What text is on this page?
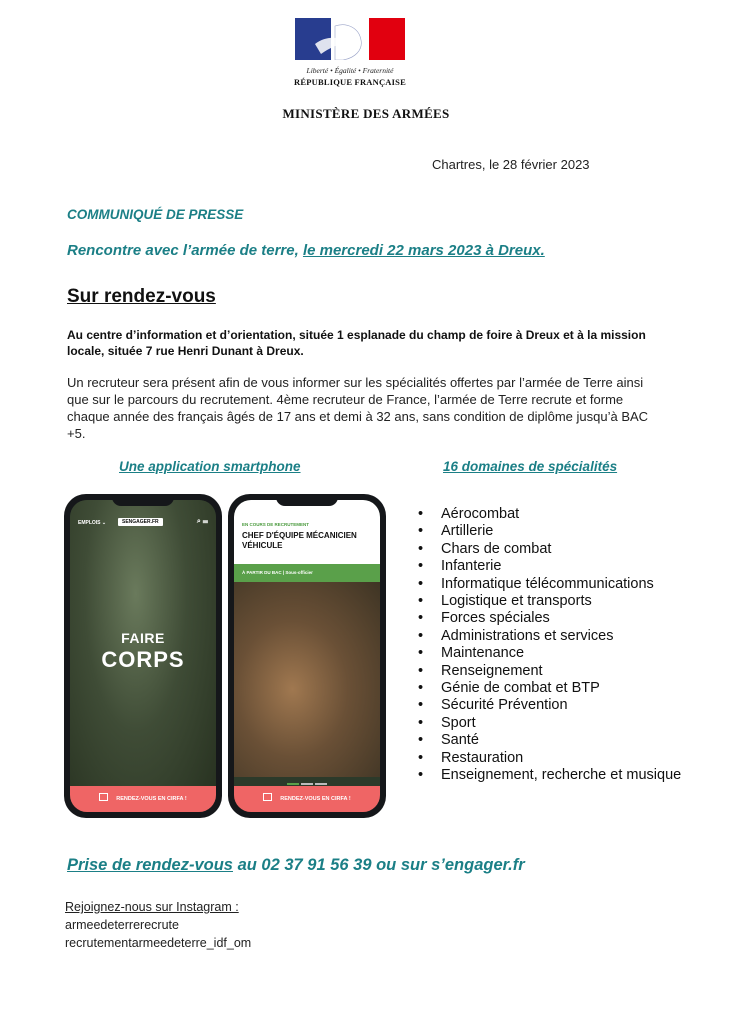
Liberté • Égalité • Fraternité
RÉPUBLIQUE FRANÇAISE
MINISTÈRE DES ARMÉES
Chartres, le 28 février 2023
COMMUNIQUÉ DE PRESSE
Rencontre avec l’armée de terre, le mercredi 22 mars 2023 à Dreux.
Sur rendez-vous
Au centre d’information et d’orientation, située 1 esplanade du champ de foire à Dreux et à la mission locale, située 7 rue Henri Dunant à Dreux.
Un recruteur sera présent afin de vous informer sur les spécialités offertes par l’armée de Terre ainsi que sur le parcours du recrutement. 4ème recruteur de France, l’armée de Terre recrute et forme chaque année des français âgés de 17 ans et demi à 32 ans, sans condition de diplôme jusqu’à BAC +5.
Une application smartphone	16 domaines de spécialités
EMPLOIS ⌄	SENGAGER.FR	⌕ ☰
FAIRE
CORPS
RENDEZ-VOUS EN CIRFA !
EN COURS DE RECRUTEMENT
CHEF D'ÉQUIPE MÉCANICIEN VÉHICULE
À PARTIR DU BAC | Sous-officier
RENDEZ-VOUS EN CIRFA !
• Aérocombat
• Artillerie
• Chars de combat
• Infanterie
• Informatique télécommunications
• Logistique et transports
• Forces spéciales
• Administrations et services
• Maintenance
• Renseignement
• Génie de combat et BTP
• Sécurité Prévention
• Sport
• Santé
• Restauration
• Enseignement, recherche et musique
Prise de rendez-vous au 02 37 91 56 39 ou sur s’engager.fr
Rejoignez-nous sur Instagram :
armeedeterrerecrute
recrutementarmeedeterre_idf_om
